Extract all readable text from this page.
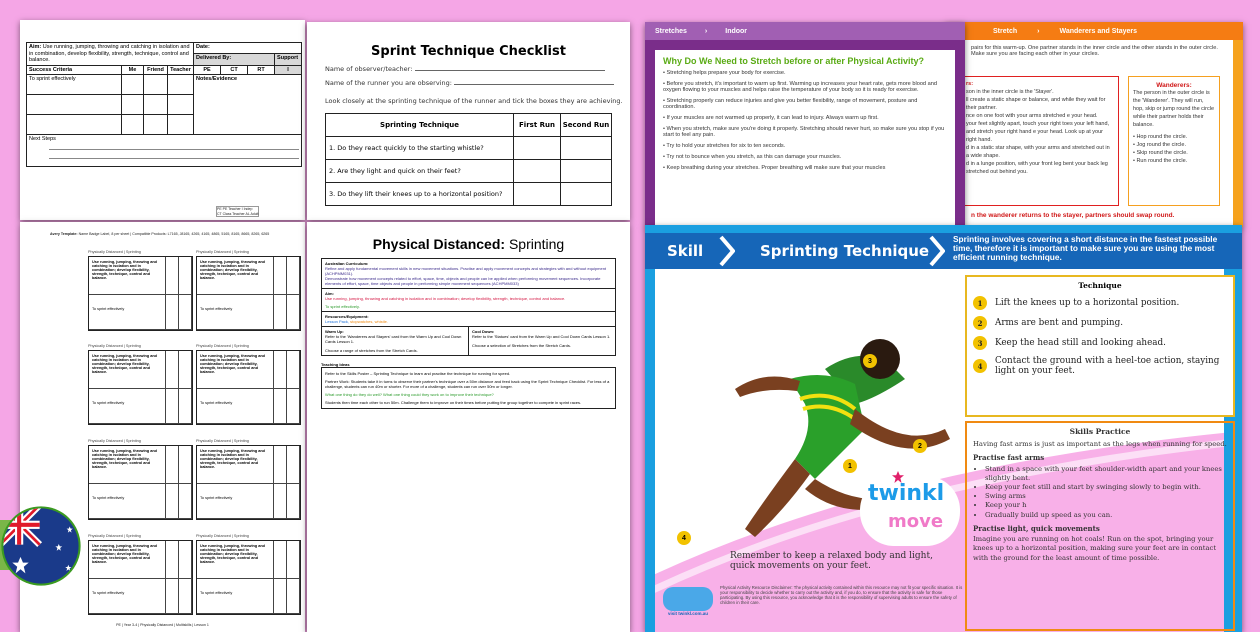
Aim: Use running, jumping, throwing and catching in isolation and in combination, develop flexibility, strength, technique, control and balance.				Date:			
				Delivered By:			Support
Success Criteria	Me	Friend	Teacher	PE	CT	RT	I
To sprint effectively				Notes/Evidence			

Next Steps							
PE PE Teacher I Indep
CT Class Teacher AL Adult
Avery Template: Name Badge Label, 8 per sheet | Compatible Products: L7165, J8165, 4265, 4165, 4865, 5165, 8165, 8665, 8265, 6265
Physically Distanced | Sprinting
Use running, jumping, throwing and catching in isolation and in combination; develop flexibility, strength, technique, control and balance.
To sprint effectively
Physically Distanced | Sprinting
Use running, jumping, throwing and catching in isolation and in combination; develop flexibility, strength, technique, control and balance.
To sprint effectively
Physically Distanced | Sprinting
Use running, jumping, throwing and catching in isolation and in combination; develop flexibility, strength, technique, control and balance.
To sprint effectively
Physically Distanced | Sprinting
Use running, jumping, throwing and catching in isolation and in combination; develop flexibility, strength, technique, control and balance.
To sprint effectively
Physically Distanced | Sprinting
Use running, jumping, throwing and catching in isolation and in combination; develop flexibility, strength, technique, control and balance.
To sprint effectively
Physically Distanced | Sprinting
Use running, jumping, throwing and catching in isolation and in combination; develop flexibility, strength, technique, control and balance.
To sprint effectively
Physically Distanced | Sprinting
Use running, jumping, throwing and catching in isolation and in combination; develop flexibility, strength, technique, control and balance.
To sprint effectively
Physically Distanced | Sprinting
Use running, jumping, throwing and catching in isolation and in combination; develop flexibility, strength, technique, control and balance.
To sprint effectively
PE | Year 3-4 | Physically Distanced | Multiskills | Lesson 1
Sprint Technique Checklist
Name of observer/teacher:
Name of the runner you are observing:
Look closely at the sprinting technique of the runner and tick the boxes they are achieving.
Sprinting Technique	First Run	Second Run
1. Do they react quickly to the starting whistle?		
2. Are they light and quick on their feet?		
3. Do they lift their knees up to a horizontal position?		
Physical Distanced: Sprinting
Australian Curriculum:
Refine and apply fundamental movement skills in new movement situations. Practise and apply movement concepts and strategies with and without equipment (ACHPMM031).
Demonstrate how movement concepts related to effort, space, time, objects and people can be applied when performing movement sequences. Incorporate elements of effort, space, time objects and people in performing simple movement sequences (ACHPMM033)
Aim:
Use running, jumping, throwing and catching in isolation and in combination; develop flexibility, strength, technique, control and balance.
To sprint effectively.
Resources/Equipment:
Lesson Pack, stopwatches, whistle.
Warm Up:
Refer to the 'Wanderers and Stayers' card from the Warm Up and Cool Down Cards Lesson 1.
Choose a range of stretches from the Stretch Cards.
Cool Down:
Refer to the 'Statues' card from the Warm Up and Cool Down Cards Lesson 1.
Choose a selection of Stretches from the Stretch Cards.
Teaching Ideas
Refer to the Skills Poster – Sprinting Technique to learn and practise the technique for running for speed.
Partner Work: Students take it in turns to observe their partner's technique over a 50m distance and feed back using the Sprint Technique Checklist. For less of a challenge, students can run 40m or shorter. For more of a challenge, students can run over 50m or longer.
What one thing do they do well? What one thing could they work on to improve their technique?
Students then time each other to run 50m. Challenge them to improve on their times before putting the group together to compete in sprint races.
Stretch	›	Wanderers and Stayers
pairs for this warm-up. One partner stands in the inner circle and the other stands in the outer circle. Make sure you are facing each other in your circles.
rs:
son in the inner circle is the 'Stayer'.
ll create a static shape or balance, and while they wait for their partner.
nce on one foot with your arms stretched e your head.
your feet slightly apart, touch your right toes your left hand, and stretch your right hand e your head. Look up at your right hand.
d in a static star shape, with your arms and stretched out in a wide shape.
d in a lunge position, with your front leg bent your back leg stretched out behind you.
Wanderers:
The person in the outer circle is the 'Wanderer'. They will run, hop, skip or jump round the circle while their partner holds their balance.
• Hop round the circle.
• Jog round the circle.
• Skip round the circle.
• Run round the circle.
n the wanderer returns to the stayer, partners should swap round.
Stretches	›	Indoor
Why Do We Need to Stretch before or after Physical Activity?
• Stretching helps prepare your body for exercise.
• Before you stretch, it's important to warm up first. Warming up increases your heart rate, gets more blood and oxygen flowing to your muscles and helps raise the temperature of your body so it is ready for exercise.
• Stretching properly can reduce injuries and give you better flexibility, range of movement, posture and coordination.
• If your muscles are not warmed up properly, it can lead to injury. Always warm up first.
• When you stretch, make sure you're doing it properly. Stretching should never hurt, so make sure you stop if you start to feel any pain.
• Try to hold your stretches for six to ten seconds.
• Try not to bounce when you stretch, as this can damage your muscles.
• Keep breathing during your stretches. Proper breathing will make sure that your muscles
Skill	Sprinting Technique
Sprinting involves covering a short distance in the fastest possible time, therefore it is important to make sure you are using the most efficient running technique.
3
2
1
4
Technique
1	Lift the knees up to a horizontal position.
2	Arms are bent and pumping.
3	Keep the head still and looking ahead.
4	Contact the ground with a heel-toe action, staying light on your feet.
Skills Practice
Having fast arms is just as important as the legs when running for speed.
Practise fast arms
• Stand in a space with your feet shoulder-width apart and your knees slightly bent.
• Keep your feet still and start by swinging slowly to begin with.
• Swing arms
• Keep your h
• Gradually build up speed as you can.
Practise light, quick movements
Imagine you are running on hot coals! Run on the spot, bringing your knees up to a horizontal position, making sure your feet are in contact with the ground for the least amount of time possible.
Remember to keep a relaxed body and light, quick movements on your feet.
visit twinkl.com.au
Physical Activity Resource Disclaimer: The physical activity contained within this resource may not fit your specific situation. It is your responsibility to decide whether to carry out the activity and, if you do, to ensure that the activity is safe for those participating. By using this resource, you acknowledge that it is the responsibility of supervising adults to ensure the safety of children in their care.
twinkl
move
